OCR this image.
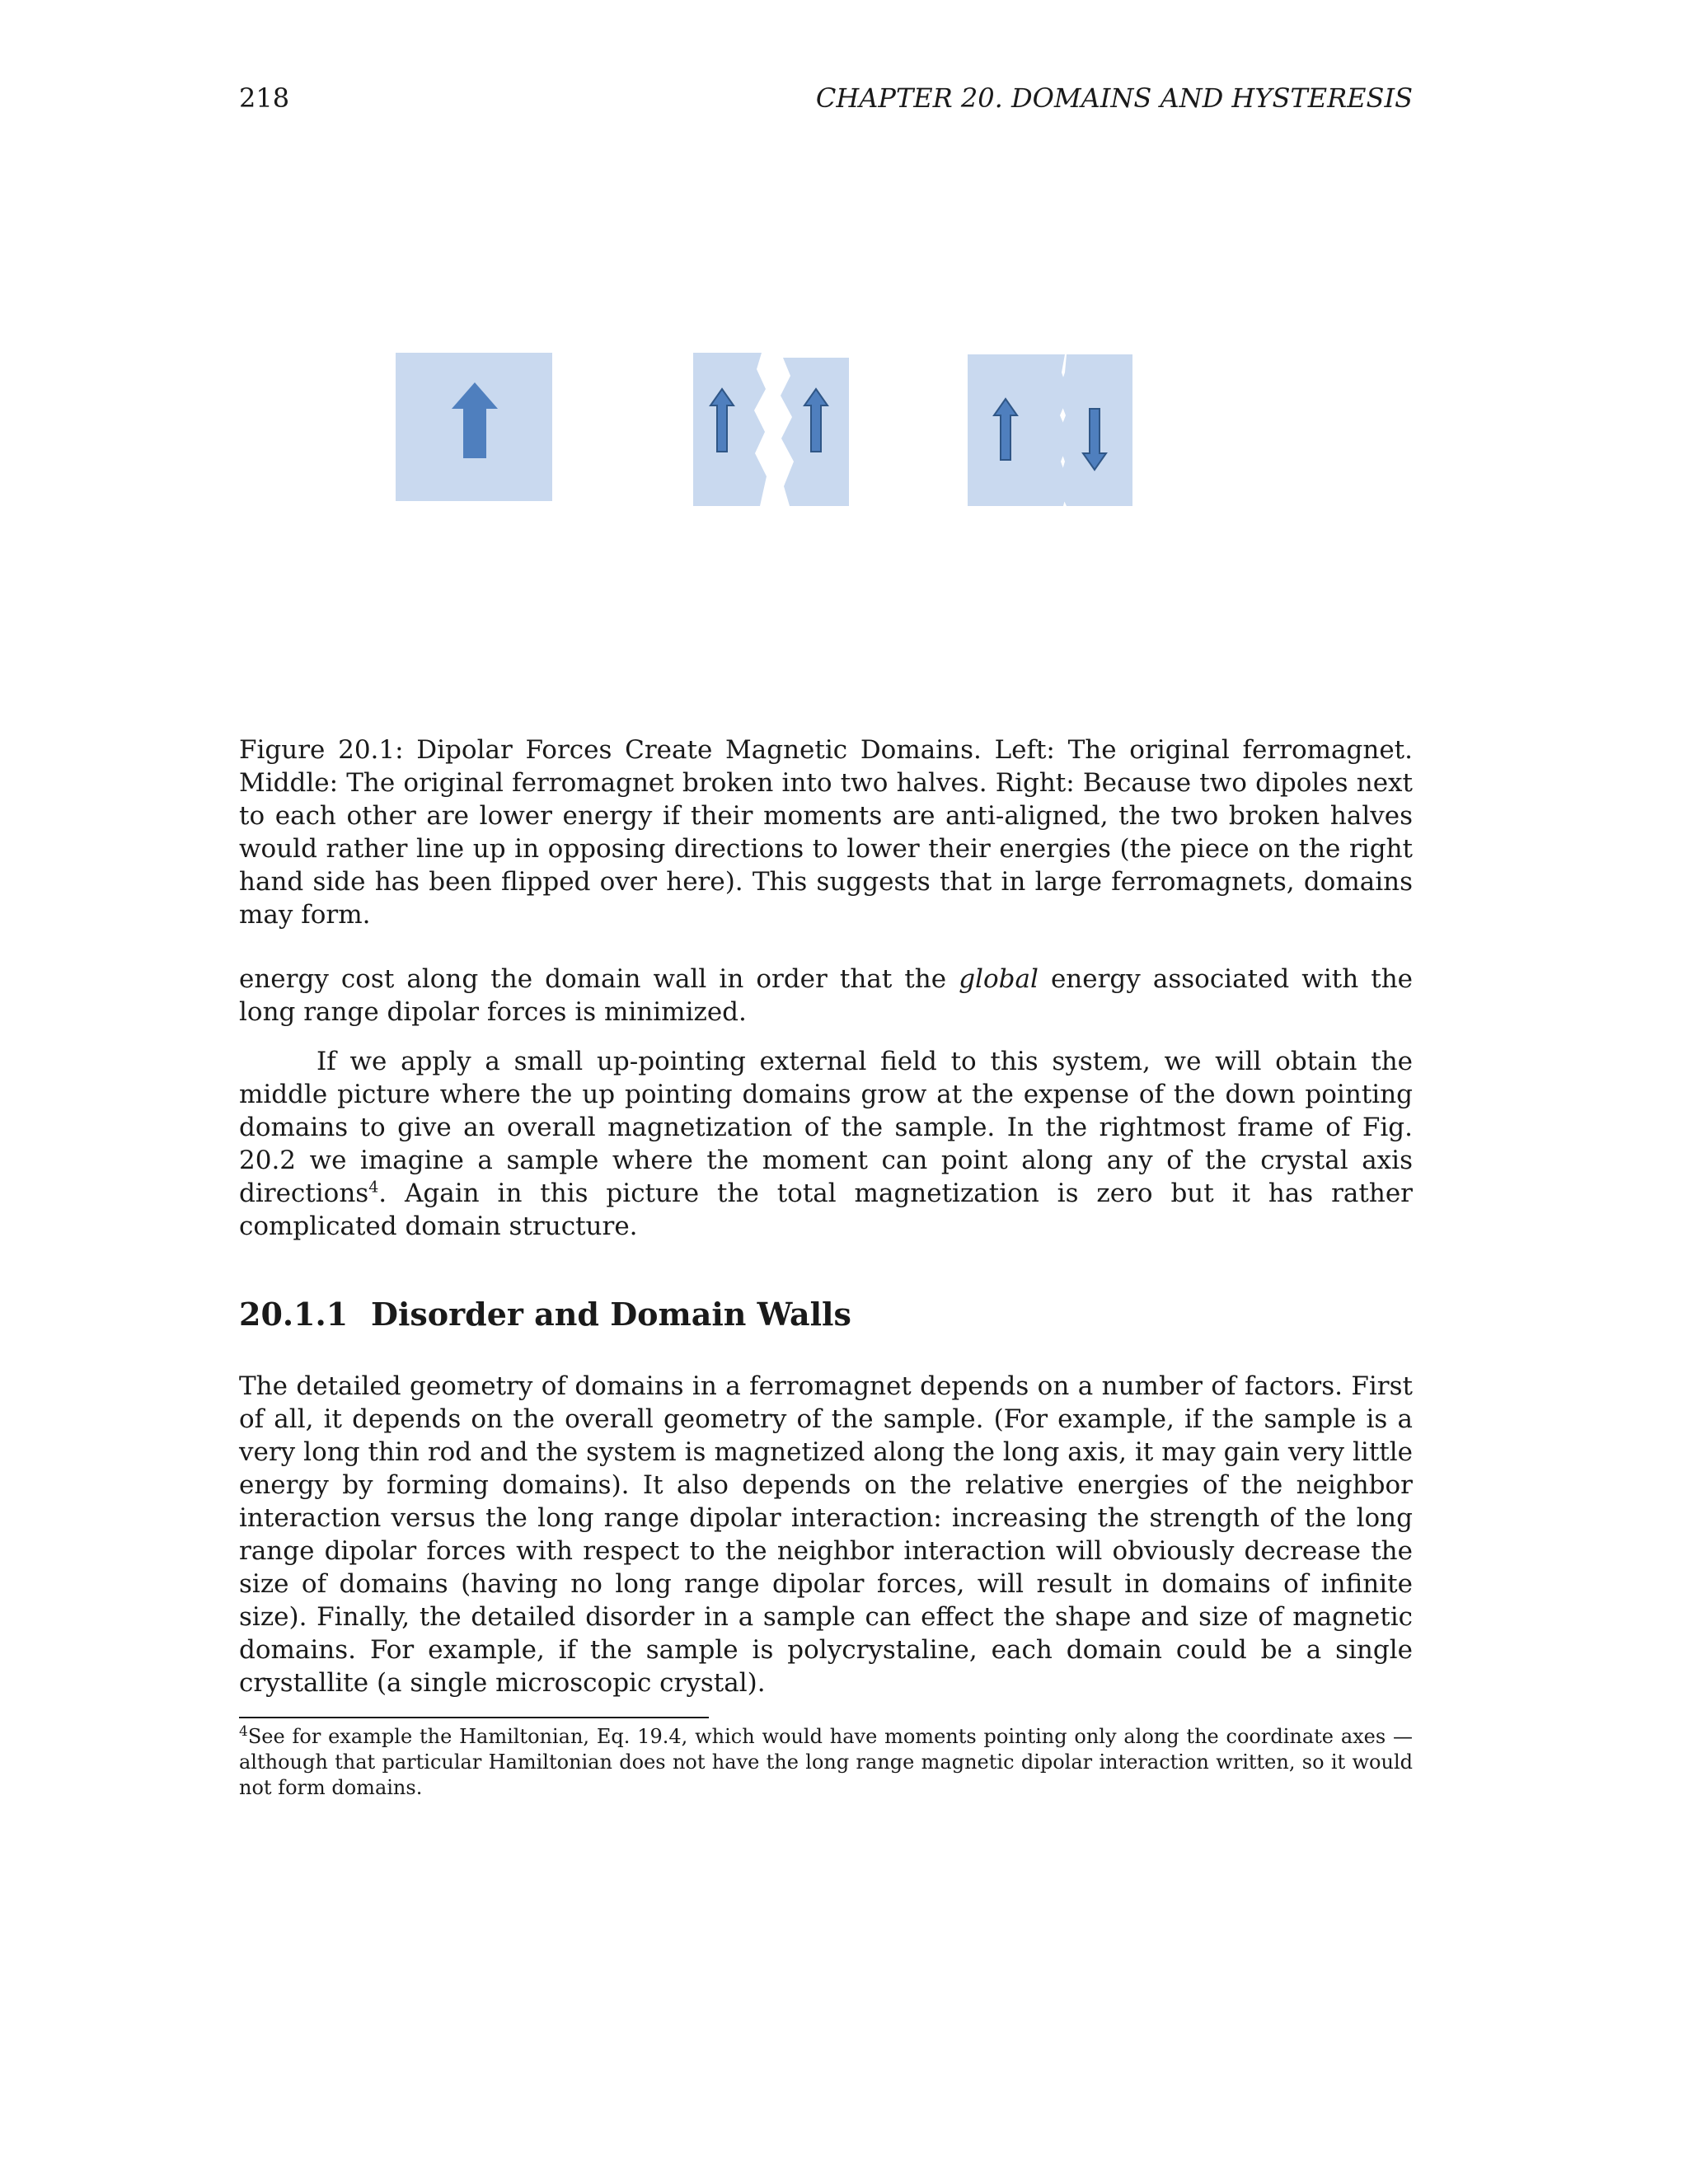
218	CHAPTER 20. DOMAINS AND HYSTERESIS
Figure 20.1: Dipolar Forces Create Magnetic Domains. Left: The original ferromagnet. Middle: The original ferromagnet broken into two halves. Right: Because two dipoles next to each other are lower energy if their moments are anti-aligned, the two broken halves would rather line up in opposing directions to lower their energies (the piece on the right hand side has been flipped over here). This suggests that in large ferromagnets, domains may form.
energy cost along the domain wall in order that the global energy associated with the long range dipolar forces is minimized.
If we apply a small up-pointing external field to this system, we will obtain the middle picture where the up pointing domains grow at the expense of the down pointing domains to give an overall magnetization of the sample. In the rightmost frame of Fig. 20.2 we imagine a sample where the moment can point along any of the crystal axis directions$^4$. Again in this picture the total magnetization is zero but it has rather complicated domain structure.
20.1.1 Disorder and Domain Walls
The detailed geometry of domains in a ferromagnet depends on a number of factors. First of all, it depends on the overall geometry of the sample. (For example, if the sample is a very long thin rod and the system is magnetized along the long axis, it may gain very little energy by forming domains). It also depends on the relative energies of the neighbor interaction versus the long range dipolar interaction: increasing the strength of the long range dipolar forces with respect to the neighbor interaction will obviously decrease the size of domains (having no long range dipolar forces, will result in domains of infinite size). Finally, the detailed disorder in a sample can effect the shape and size of magnetic domains. For example, if the sample is polycrystaline, each domain could be a single crystallite (a single microscopic crystal).
$^4$See for example the Hamiltonian, Eq. 19.4, which would have moments pointing only along the coordinate axes — although that particular Hamiltonian does not have the long range magnetic dipolar interaction written, so it would not form domains.
